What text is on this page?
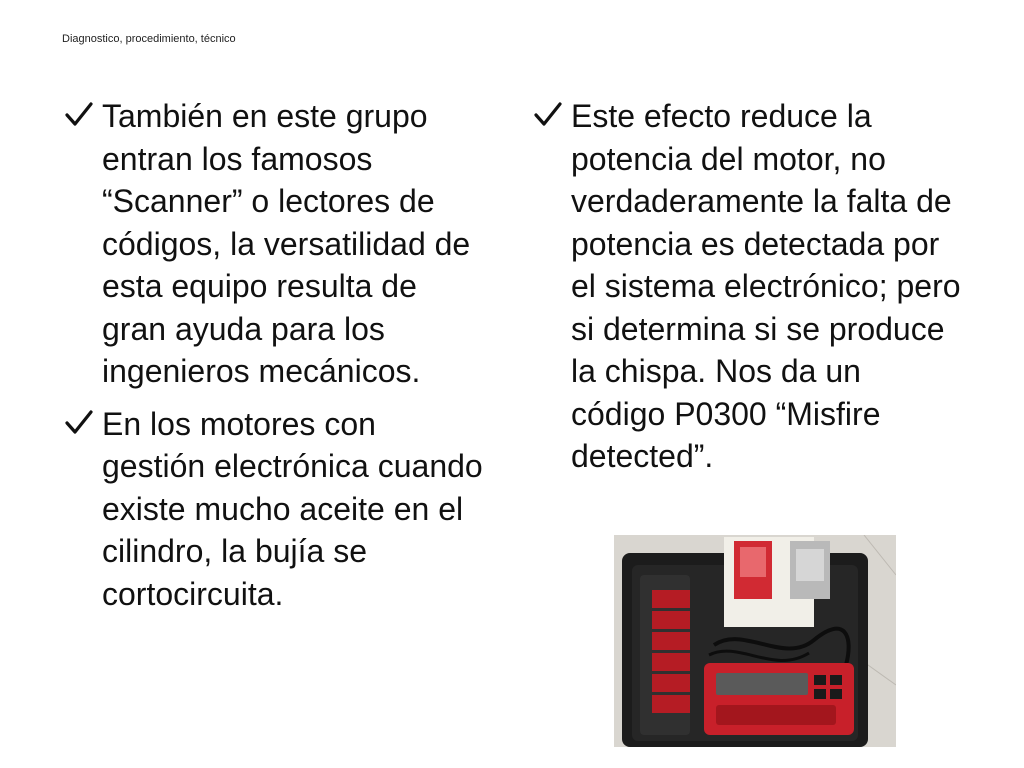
Diagnostico, procedimiento, técnico
También en este grupo entran los famosos “Scanner” o lectores de códigos, la versatilidad de esta equipo resulta de gran ayuda para los ingenieros mecánicos.
En los motores con gestión electrónica cuando existe mucho aceite en el cilindro, la bujía se cortocircuita.
Este efecto reduce la potencia del motor, no verdaderamente la falta de potencia es detectada por el sistema electrónico; pero si determina si se produce la chispa. Nos da un código P0300 “Misfire detected”.
